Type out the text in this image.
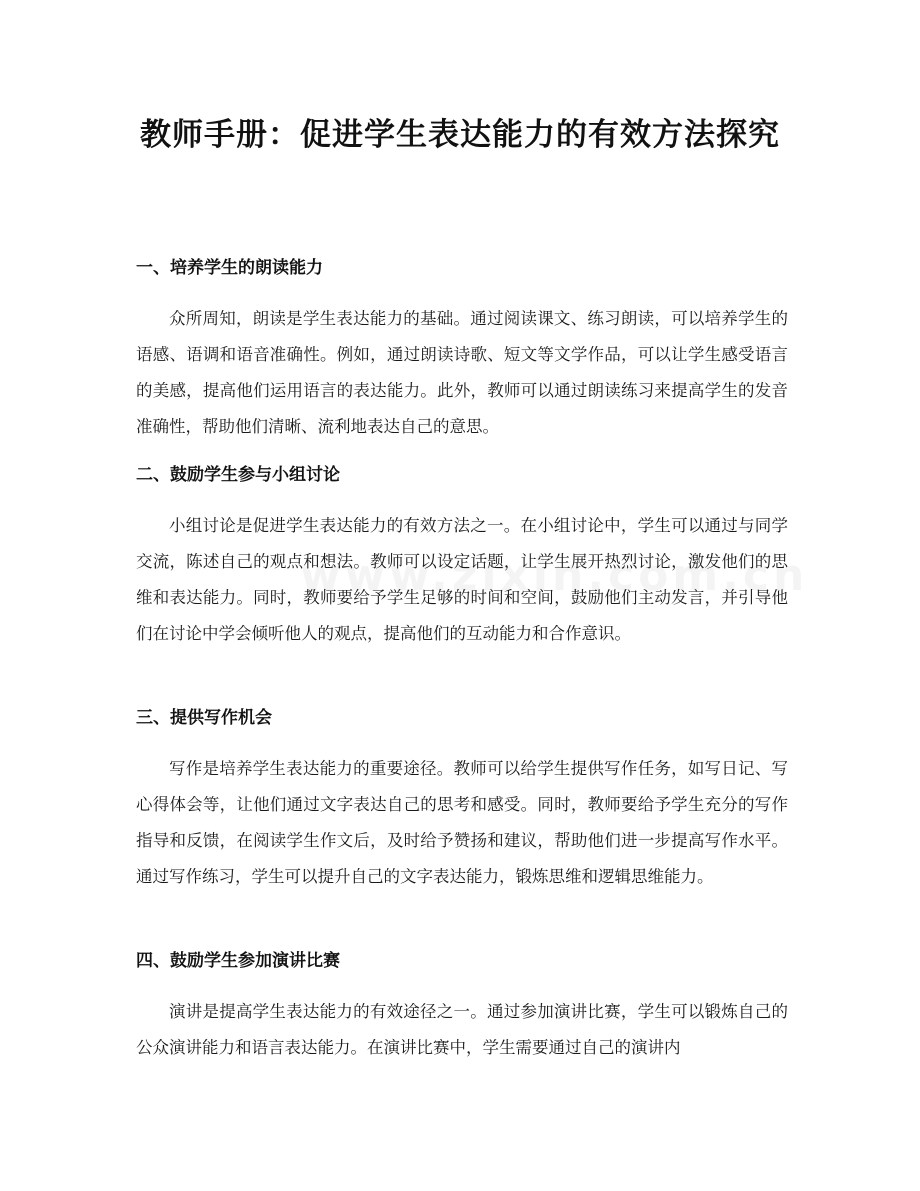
教师手册：促进学生表达能力的有效方法探究
一、培养学生的朗读能力

众所周知，朗读是学生表达能力的基础。通过阅读课文、练习朗读，可以培养学生的语感、语调和语音准确性。例如，通过朗读诗歌、短文等文学作品，可以让学生感受语言的美感，提高他们运用语言的表达能力。此外，教师可以通过朗读练习来提高学生的发音准确性，帮助他们清晰、流利地表达自己的意思。

二、鼓励学生参与小组讨论

小组讨论是促进学生表达能力的有效方法之一。在小组讨论中，学生可以通过与同学交流，陈述自己的观点和想法。教师可以设定话题，让学生展开热烈讨论，激发他们的思维和表达能力。同时，教师要给予学生足够的时间和空间，鼓励他们主动发言，并引导他们在讨论中学会倾听他人的观点，提高他们的互动能力和合作意识。

三、提供写作机会

写作是培养学生表达能力的重要途径。教师可以给学生提供写作任务，如写日记、写心得体会等，让他们通过文字表达自己的思考和感受。同时，教师要给予学生充分的写作指导和反馈，在阅读学生作文后，及时给予赞扬和建议，帮助他们进一步提高写作水平。通过写作练习，学生可以提升自己的文字表达能力，锻炼思维和逻辑思维能力。

四、鼓励学生参加演讲比赛

演讲是提高学生表达能力的有效途径之一。通过参加演讲比赛，学生可以锻炼自己的公众演讲能力和语言表达能力。在演讲比赛中，学生需要通过自己的演讲内
